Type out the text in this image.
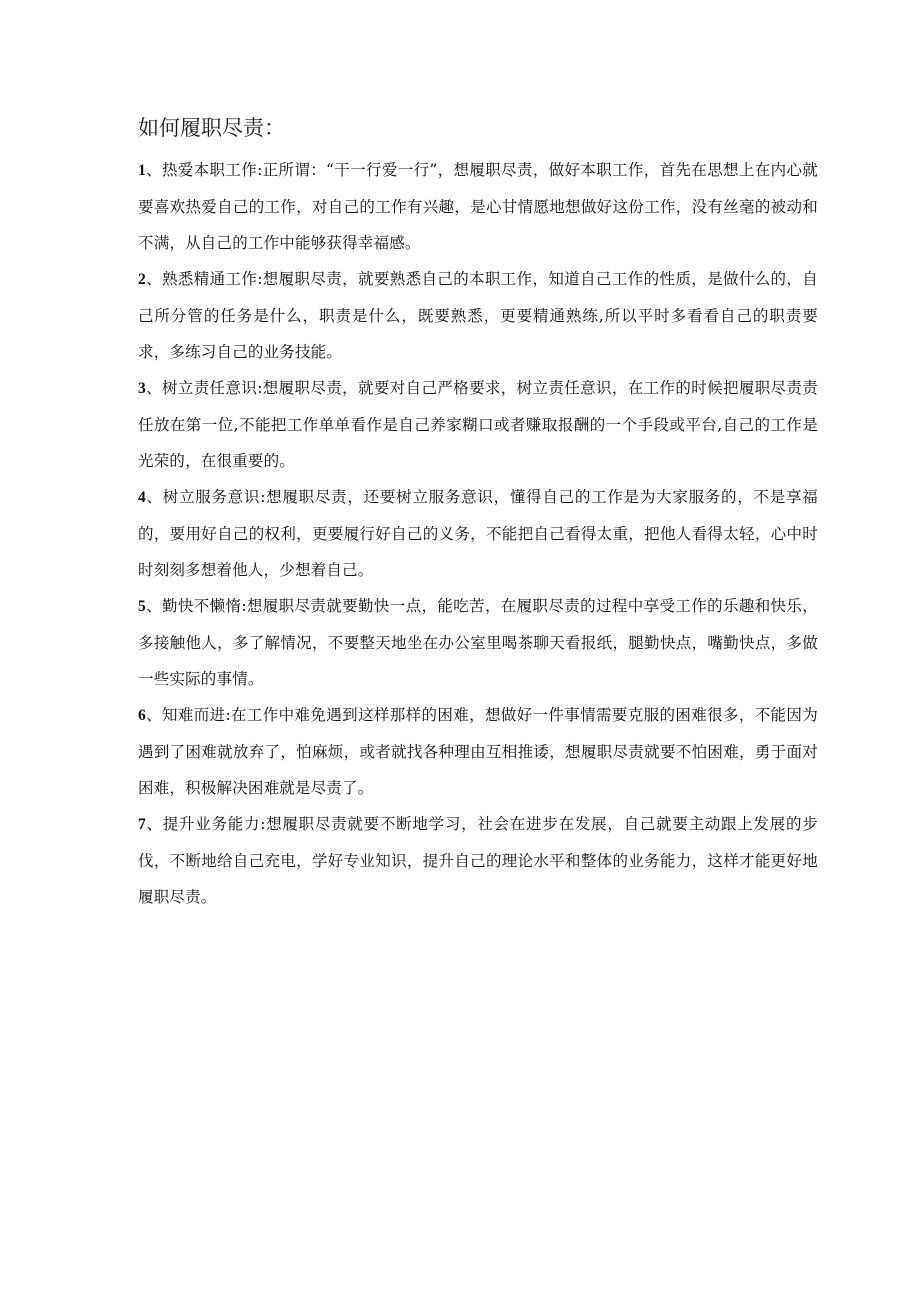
如何履职尽责：

1、热爱本职工作:正所谓：“干一行爱一行”，想履职尽责，做好本职工作，首先在思想上在内心就要喜欢热爱自己的工作，对自己的工作有兴趣，是心甘情愿地想做好这份工作，没有丝毫的被动和不满，从自己的工作中能够获得幸福感。

2、熟悉精通工作:想履职尽责，就要熟悉自己的本职工作，知道自己工作的性质，是做什么的，自己所分管的任务是什么，职责是什么，既要熟悉，更要精通熟练,所以平时多看看自己的职责要求，多练习自己的业务技能。

3、树立责任意识:想履职尽责，就要对自己严格要求，树立责任意识，在工作的时候把履职尽责责任放在第一位,不能把工作单单看作是自己养家糊口或者赚取报酬的一个手段或平台,自己的工作是光荣的，在很重要的。

4、树立服务意识:想履职尽责，还要树立服务意识，懂得自己的工作是为大家服务的，不是享福的，要用好自己的权利，更要履行好自己的义务，不能把自己看得太重，把他人看得太轻，心中时时刻刻多想着他人，少想着自己。

5、勤快不懒惰:想履职尽责就要勤快一点，能吃苦，在履职尽责的过程中享受工作的乐趣和快乐，多接触他人，多了解情况，不要整天地坐在办公室里喝茶聊天看报纸，腿勤快点，嘴勤快点，多做一些实际的事情。

6、知难而进:在工作中难免遇到这样那样的困难，想做好一件事情需要克服的困难很多，不能因为遇到了困难就放弃了，怕麻烦，或者就找各种理由互相推诿，想履职尽责就要不怕困难，勇于面对困难，积极解决困难就是尽责了。

7、提升业务能力:想履职尽责就要不断地学习，社会在进步在发展，自己就要主动跟上发展的步伐，不断地给自己充电，学好专业知识，提升自己的理论水平和整体的业务能力，这样才能更好地履职尽责。
